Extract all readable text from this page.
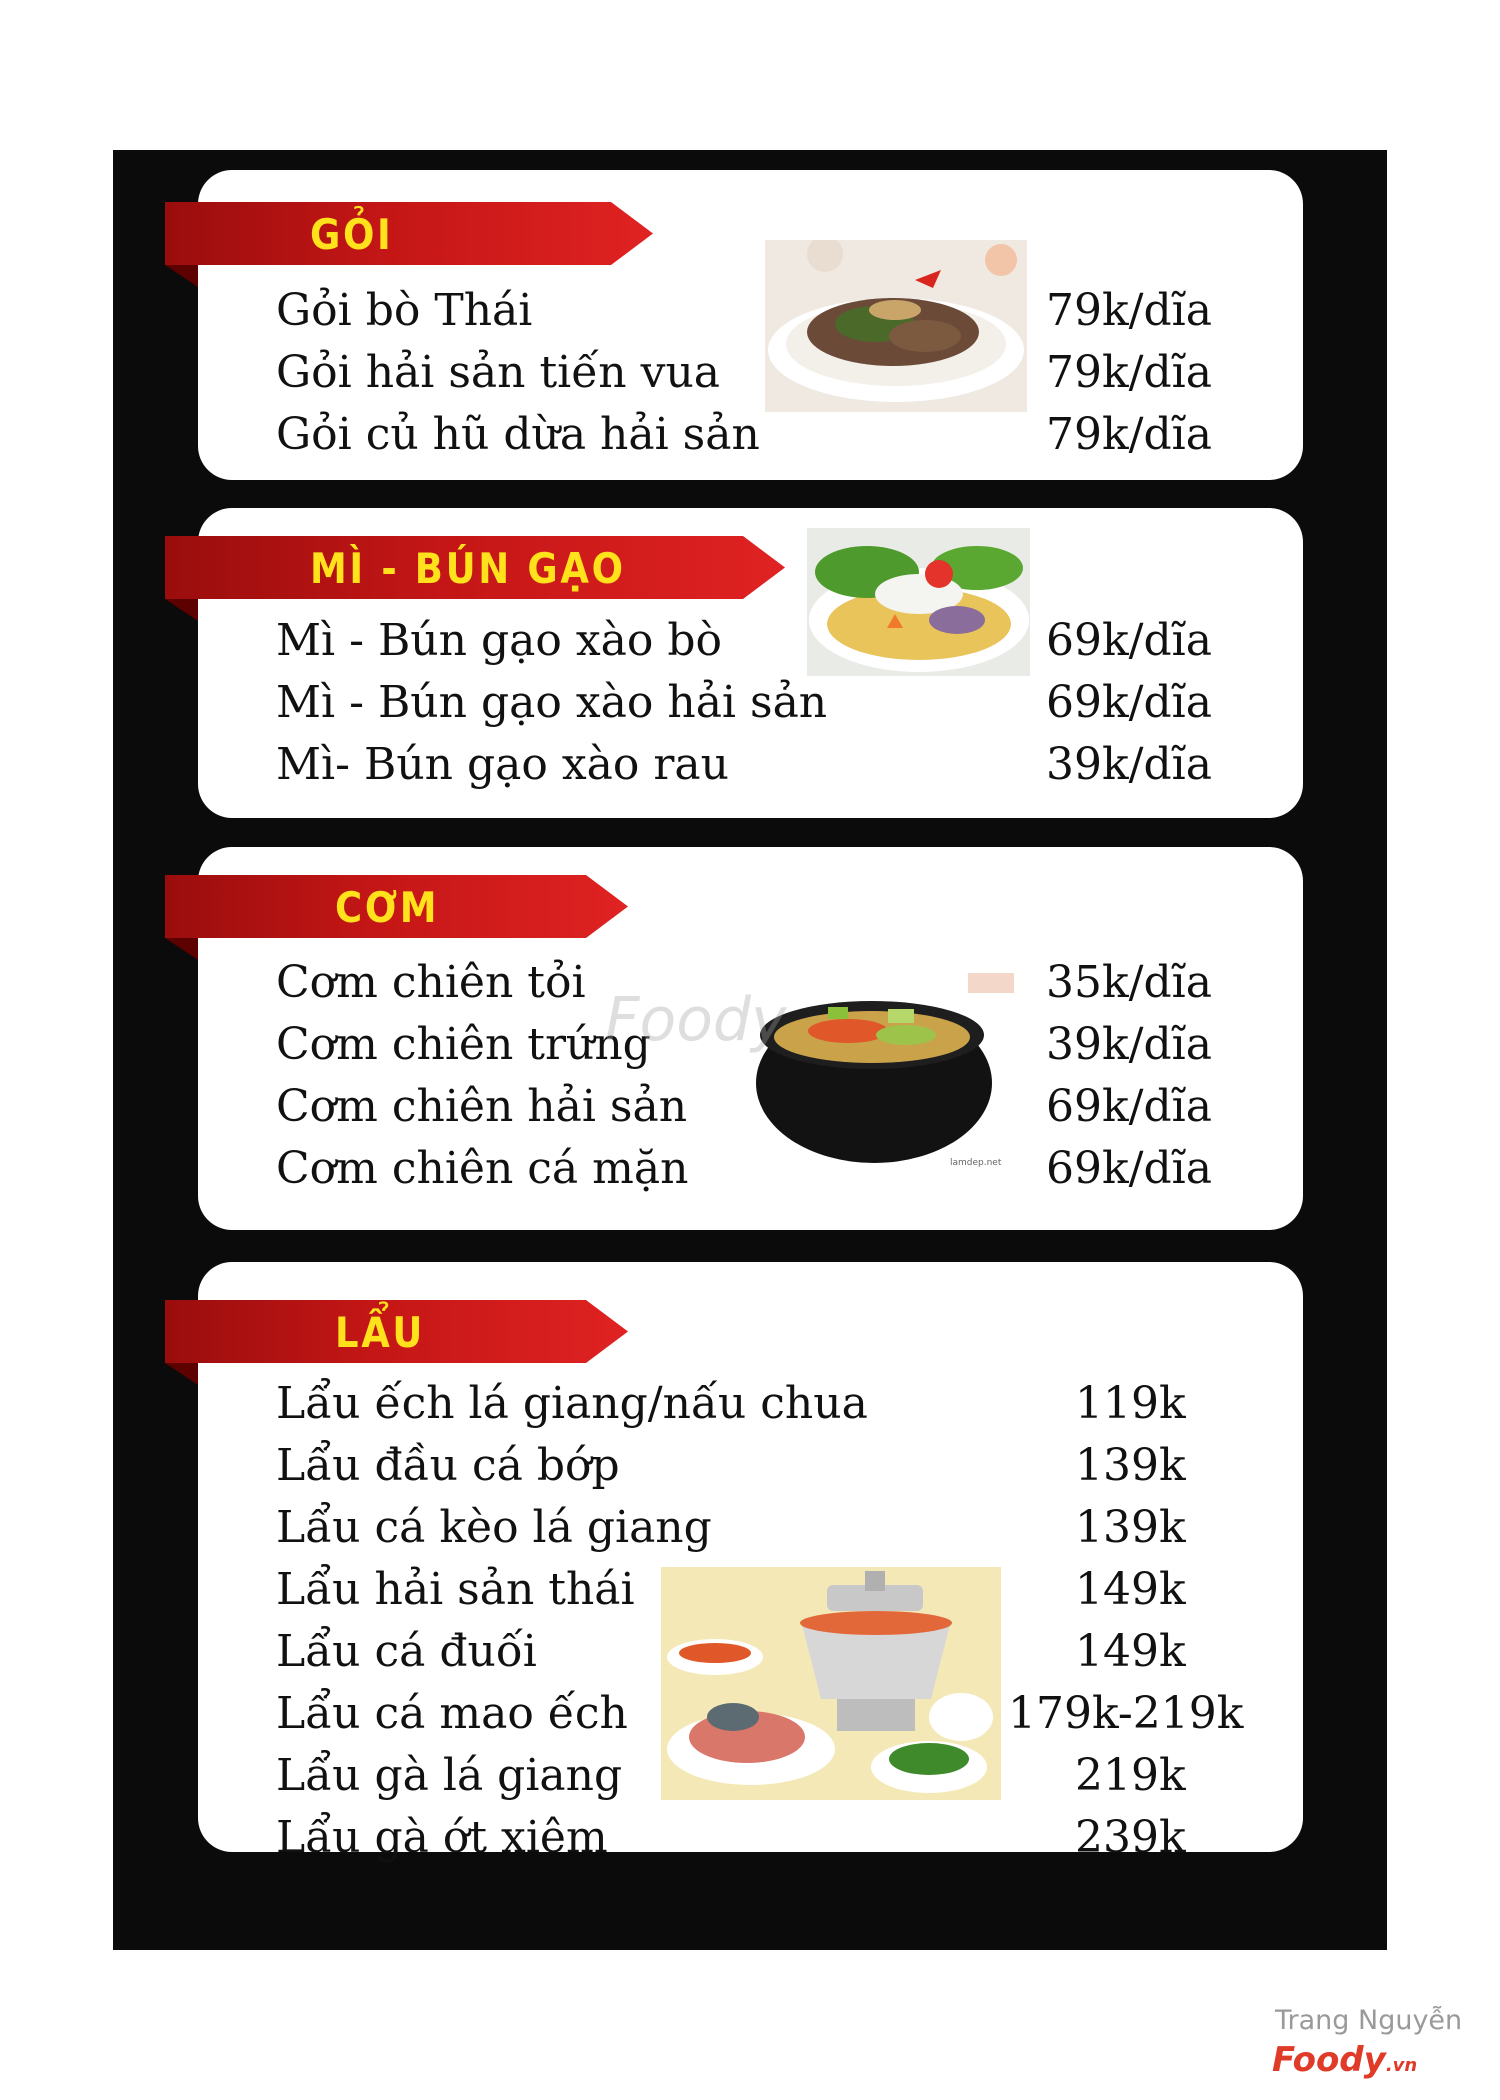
GỎI
Gỏi bò Thái	79k/dĩa
Gỏi hải sản tiến vua	79k/dĩa
Gỏi củ hũ dừa hải sản	79k/dĩa
MÌ - BÚN GẠO
Mì - Bún gạo xào bò	69k/dĩa
Mì - Bún gạo xào hải sản	69k/dĩa
Mì- Bún gạo xào rau	39k/dĩa
CƠM
lamdep.net
Cơm chiên tỏi	35k/dĩa
Cơm chiên trứng	39k/dĩa
Cơm chiên hải sản	69k/dĩa
Cơm chiên cá mặn	69k/dĩa
LẨU
Lẩu ếch lá giang/nấu chua	119k
Lẩu đầu cá bớp	139k
Lẩu cá kèo lá giang	139k
Lẩu hải sản thái	149k
Lẩu cá đuối	149k
Lẩu cá mao ếch	179k-219k
Lẩu gà lá giang	219k
Lẩu gà ớt xiêm	239k
Foody
Trang Nguyễn
Foody.vn
